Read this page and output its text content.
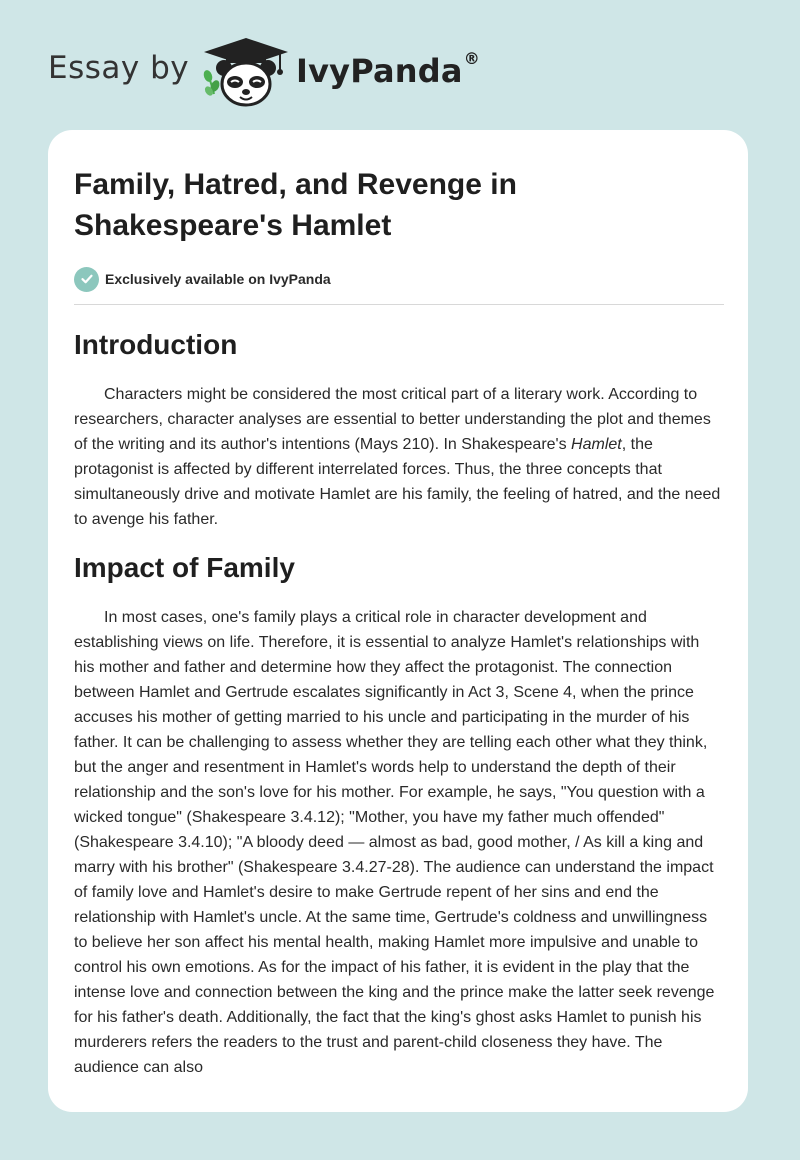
Essay by	IvyPanda®
Family, Hatred, and Revenge in Shakespeare's Hamlet
Exclusively available on IvyPanda
Introduction

Characters might be considered the most critical part of a literary work. According to researchers, character analyses are essential to better understanding the plot and themes of the writing and its author's intentions (Mays 210). In Shakespeare's Hamlet, the protagonist is affected by different interrelated forces. Thus, the three concepts that simultaneously drive and motivate Hamlet are his family, the feeling of hatred, and the need to avenge his father.

Impact of Family

In most cases, one's family plays a critical role in character development and establishing views on life. Therefore, it is essential to analyze Hamlet's relationships with his mother and father and determine how they affect the protagonist. The connection between Hamlet and Gertrude escalates significantly in Act 3, Scene 4, when the prince accuses his mother of getting married to his uncle and participating in the murder of his father. It can be challenging to assess whether they are telling each other what they think, but the anger and resentment in Hamlet's words help to understand the depth of their relationship and the son's love for his mother. For example, he says, "You question with a wicked tongue" (Shakespeare 3.4.12); "Mother, you have my father much offended" (Shakespeare 3.4.10); "A bloody deed — almost as bad, good mother, / As kill a king and marry with his brother" (Shakespeare 3.4.27-28). The audience can understand the impact of family love and Hamlet's desire to make Gertrude repent of her sins and end the relationship with Hamlet's uncle. At the same time, Gertrude's coldness and unwillingness to believe her son affect his mental health, making Hamlet more impulsive and unable to control his own emotions. As for the impact of his father, it is evident in the play that the intense love and connection between the king and the prince make the latter seek revenge for his father's death. Additionally, the fact that the king's ghost asks Hamlet to punish his murderers refers the readers to the trust and parent-child closeness they have. The audience can also
